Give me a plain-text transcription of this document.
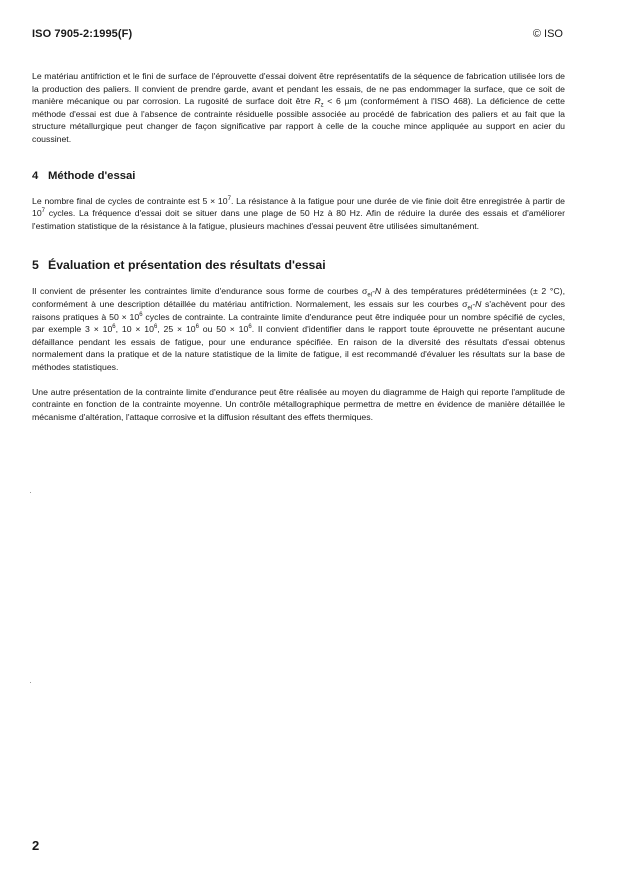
ISO 7905-2:1995(F)	© ISO

Le matériau antifriction et le fini de surface de l'éprouvette d'essai doivent être représentatifs de la séquence de fabrication utilisée lors de la production des paliers. Il convient de prendre garde, avant et pendant les essais, de ne pas endommager la surface, que ce soit de manière mécanique ou par corrosion. La rugosité de surface doit être $R_z < 6$ µm (conformément à l'ISO 468). La déficience de cette méthode d'essai est due à l'absence de contrainte résiduelle possible associée au procédé de fabrication des paliers et au fait que la structure métallurgique peut changer de façon significative par rapport à celle de la couche mince appliquée au support en acier du coussinet.

4 Méthode d'essai

Le nombre final de cycles de contrainte est $5 \times 10^7$. La résistance à la fatigue pour une durée de vie finie doit être enregistrée à partir de $10^7$ cycles. La fréquence d'essai doit se situer dans une plage de 50 Hz à 80 Hz. Afin de réduire la durée des essais et d'améliorer l'estimation statistique de la résistance à la fatigue, plusieurs machines d'essai peuvent être utilisées simultanément.

5 Évaluation et présentation des résultats d'essai

Il convient de présenter les contraintes limite d'endurance sous forme de courbes $\sigma_{el}-N$ à des températures prédéterminées (± 2 °C), conformément à une description détaillée du matériau antifriction. Normalement, les essais sur les courbes $\sigma_{el}-N$ s'achèvent pour des raisons pratiques à $50 \times 10^6$ cycles de contrainte. La contrainte limite d'endurance peut être indiquée pour un nombre spécifié de cycles, par exemple $3 \times 10^6$, $10 \times 10^6$, $25 \times 10^6$ ou $50 \times 10^6$. Il convient d'identifier dans le rapport toute éprouvette ne présentant aucune défaillance pendant les essais de fatigue, pour une endurance spécifiée. En raison de la diversité des résultats d'essai obtenus normalement dans la pratique et de la nature statistique de la limite de fatigue, il est recommandé d'évaluer les résultats sur la base de méthodes statistiques.

Une autre présentation de la contrainte limite d'endurance peut être réalisée au moyen du diagramme de Haigh qui reporte l'amplitude de contrainte en fonction de la contrainte moyenne. Un contrôle métallographique permettra de mettre en évidence de manière détaillée le mécanisme d'altération, l'attaque corrosive et la diffusion résultant des effets thermiques.

2
